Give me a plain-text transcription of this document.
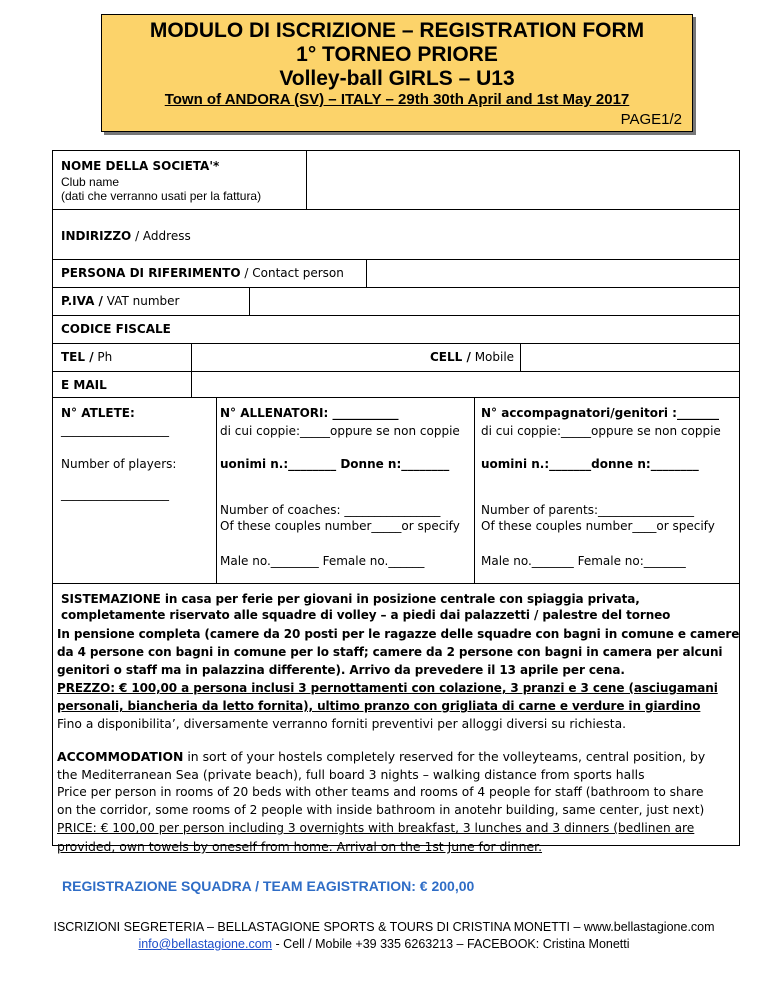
MODULO DI ISCRIZIONE – REGISTRATION FORM
1° TORNEO PRIORE
Volley-ball GIRLS – U13
Town of ANDORA (SV) – ITALY – 29th 30th April and 1st May 2017
PAGE1/2
NOME DELLA SOCIETA'*
Club name
(dati che verranno usati per la fattura)
INDIRIZZO / Address
PERSONA DI RIFERIMENTO / Contact person
P.IVA / VAT number
CODICE FISCALE
TEL / Ph	CELL / Mobile
E MAIL
N° ATLETE:
__________________
Number of players:
__________________
N° ALLENATORI: ___________
di cui coppie:_____oppure se non coppie
uonimi n.:________ Donne n:________
Number of coaches: ________________
Of these couples number_____or specify
Male no.________ Female no.______
N° accompagnatori/genitori :_______
di cui coppie:_____oppure se non coppie
uomini n.:_______donne n:________
Number of parents:________________
Of these couples number____or specify
Male no._______ Female no:_______
SISTEMAZIONE in casa per ferie per giovani in posizione centrale con spiaggia privata,
completamente riservato alle squadre di volley – a piedi dai palazzetti / palestre del torneo
In pensione completa (camere da 20 posti per le ragazze delle squadre con bagni in comune e camere
da 4 persone con bagni in comune per lo staff; camere da 2 persone con bagni in camera per alcuni
genitori o staff ma in palazzina differente). Arrivo da prevedere il 13 aprile per cena.
PREZZO: € 100,00 a persona inclusi 3 pernottamenti con colazione, 3 pranzi e 3 cene (asciugamani
personali, biancheria da letto fornita), ultimo pranzo con grigliata di carne e verdure in giardino
Fino a disponibilita’, diversamente verranno forniti preventivi per alloggi diversi su richiesta.
ACCOMMODATION in sort of your hostels completely reserved for the volleyteams, central position, by
the Mediterranean Sea (private beach), full board 3 nights – walking distance from sports halls
Price per person in rooms of 20 beds with other teams and rooms of 4 people for staff (bathroom to share
on the corridor, some rooms of 2 people with inside bathroom in anotehr building, same center, just next)
PRICE: € 100,00 per person including 3 overnights with breakfast, 3 lunches and 3 dinners (bedlinen are
provided, own towels by oneself from home. Arrival on the 1st June for dinner.
REGISTRAZIONE SQUADRA / TEAM EAGISTRATION: € 200,00
ISCRIZIONI SEGRETERIA – BELLASTAGIONE SPORTS & TOURS DI CRISTINA MONETTI – www.bellastagione.com
info@bellastagione.com - Cell / Mobile +39 335 6263213 – FACEBOOK: Cristina Monetti
